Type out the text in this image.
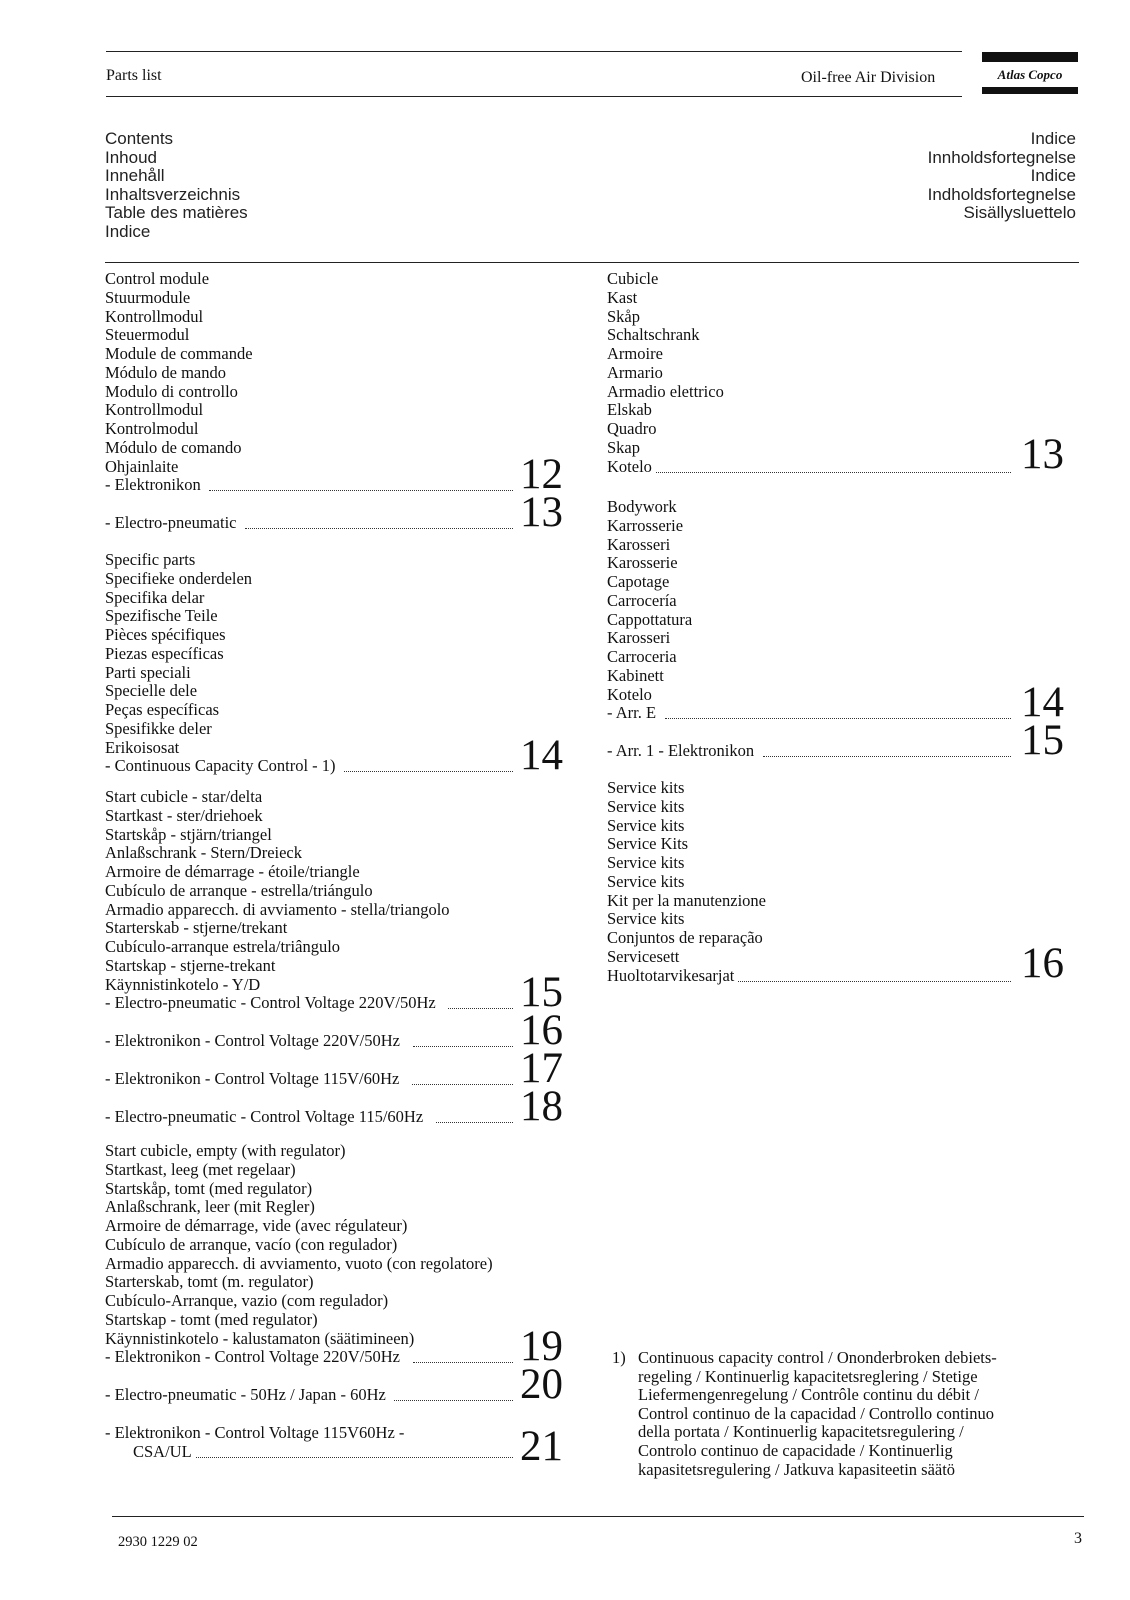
Parts list	Oil-free Air Division	Atlas Copco
Contents
Inhoud
Innehåll
Inhaltsverzeichnis
Table des matières
Indice
Indice
Innholdsfortegnelse
Indice
Indholdsfortegnelse
Sisällysluettelo
Control module
Stuurmodule
Kontrollmodul
Steuermodul
Module de commande
Módulo de mando
Modulo di controllo
Kontrollmodul
Kontrolmodul
Módulo de comando
Ohjainlaite
- Elektronikon	12
- Electro-pneumatic	13
Specific parts
Specifieke onderdelen
Specifika delar
Spezifische Teile
Pièces spécifiques
Piezas específicas
Parti speciali
Specielle dele
Peças específicas
Spesifikke deler
Erikoisosat
- Continuous Capacity Control - 1)	14
Start cubicle - star/delta
Startkast - ster/driehoek
Startskåp - stjärn/triangel
Anlaßschrank - Stern/Dreieck
Armoire de démarrage - étoile/triangle
Cubículo de arranque - estrella/triángulo
Armadio apparecch. di avviamento - stella/triangolo
Starterskab - stjerne/trekant
Cubículo-arranque estrela/triângulo
Startskap - stjerne-trekant
Käynnistinkotelo - Y/D
- Electro-pneumatic - Control Voltage 220V/50Hz 15
- Elektronikon - Control Voltage 220V/50Hz	16
- Elektronikon - Control Voltage 115V/60Hz	17
- Electro-pneumatic - Control Voltage 115/60Hz 18
Start cubicle, empty (with regulator)
Startkast, leeg (met regelaar)
Startskåp, tomt (med regulator)
Anlaßschrank, leer (mit Regler)
Armoire de démarrage, vide (avec régulateur)
Cubículo de arranque, vacío (con regulador)
Armadio apparecch. di avviamento, vuoto (con regolatore)
Starterskab, tomt (m. regulator)
Cubículo-Arranque, vazio (com regulador)
Startskap - tomt (med regulator)
Käynnistinkotelo - kalustamaton (säätimineen)
- Elektronikon - Control Voltage 220V/50Hz	19
- Electro-pneumatic - 50Hz / Japan - 60Hz	20
- Elektronikon - Control Voltage 115V60Hz -
CSA/UL	21
Cubicle
Kast
Skåp
Schaltschrank
Armoire
Armario
Armadio elettrico
Elskab
Quadro
Skap
Kotelo	13
Bodywork
Karrosserie
Karosseri
Karosserie
Capotage
Carrocería
Cappottatura
Karosseri
Carroceria
Kabinett
Kotelo
- Arr. E	14
- Arr. 1 - Elektronikon	15
Service kits
Service kits
Service kits
Service Kits
Service kits
Service kits
Kit per la manutenzione
Service kits
Conjuntos de reparação
Servicesett
Huoltotarvikesarjat	16
1) Continuous capacity control / Ononderbroken debiets-
regeling / Kontinuerlig kapacitetsreglering / Stetige
Liefermengenregelung / Contrôle continu du débit /
Control continuo de la capacidad / Controllo continuo
della portata / Kontinuerlig kapacitetsregulering /
Controlo continuo de capacidade / Kontinuerlig
kapasitetsregulering / Jatkuva kapasiteetin säätö
2930 1229 02	3
